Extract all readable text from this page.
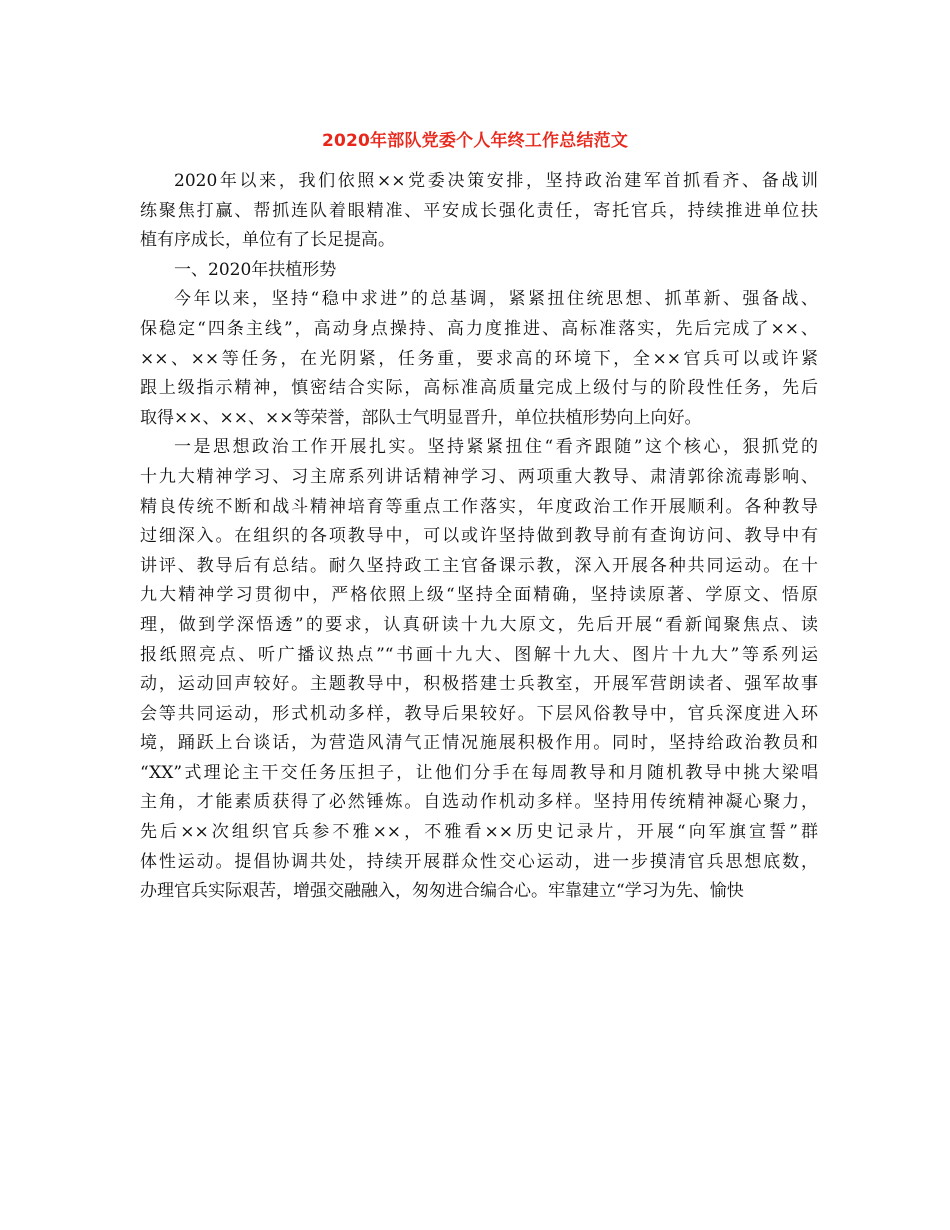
2020年部队党委个人年终工作总结范文
2020年以来，我们依照××党委决策安排，坚持政治建军首抓看齐、备战训
练聚焦打赢、帮抓连队着眼精准、平安成长强化责任，寄托官兵，持续推进单位扶
植有序成长，单位有了长足提高。
一、2020年扶植形势
今年以来，坚持“稳中求进”的总基调，紧紧扭住统思想、抓革新、强备战、
保稳定“四条主线”，高动身点操持、高力度推进、高标准落实，先后完成了××、
××、××等任务，在光阴紧，任务重，要求高的环境下，全××官兵可以或许紧
跟上级指示精神，慎密结合实际，高标准高质量完成上级付与的阶段性任务，先后
取得××、××、××等荣誉，部队士气明显晋升，单位扶植形势向上向好。
一是思想政治工作开展扎实。坚持紧紧扭住“看齐跟随”这个核心，狠抓党的
十九大精神学习、习主席系列讲话精神学习、两项重大教导、肃清郭徐流毒影响、
精良传统不断和战斗精神培育等重点工作落实，年度政治工作开展顺利。各种教导
过细深入。在组织的各项教导中，可以或许坚持做到教导前有查询访问、教导中有
讲评、教导后有总结。耐久坚持政工主官备课示教，深入开展各种共同运动。在十
九大精神学习贯彻中，严格依照上级“坚持全面精确，坚持读原著、学原文、悟原
理，做到学深悟透”的要求，认真研读十九大原文，先后开展“看新闻聚焦点、读
报纸照亮点、听广播议热点”“书画十九大、图解十九大、图片十九大”等系列运
动，运动回声较好。主题教导中，积极搭建士兵教室，开展军营朗读者、强军故事
会等共同运动，形式机动多样，教导后果较好。下层风俗教导中，官兵深度进入环
境，踊跃上台谈话，为营造风清气正情况施展积极作用。同时，坚持给政治教员和
“XX”式理论主干交任务压担子，让他们分手在每周教导和月随机教导中挑大梁唱
主角，才能素质获得了必然锤炼。自选动作机动多样。坚持用传统精神凝心聚力，
先后××次组织官兵参不雅××，不雅看××历史记录片，开展“向军旗宣誓”群
体性运动。提倡协调共处，持续开展群众性交心运动，进一步摸清官兵思想底数，
办理官兵实际艰苦，增强交融融入，匆匆进合编合心。牢靠建立“学习为先、愉快
